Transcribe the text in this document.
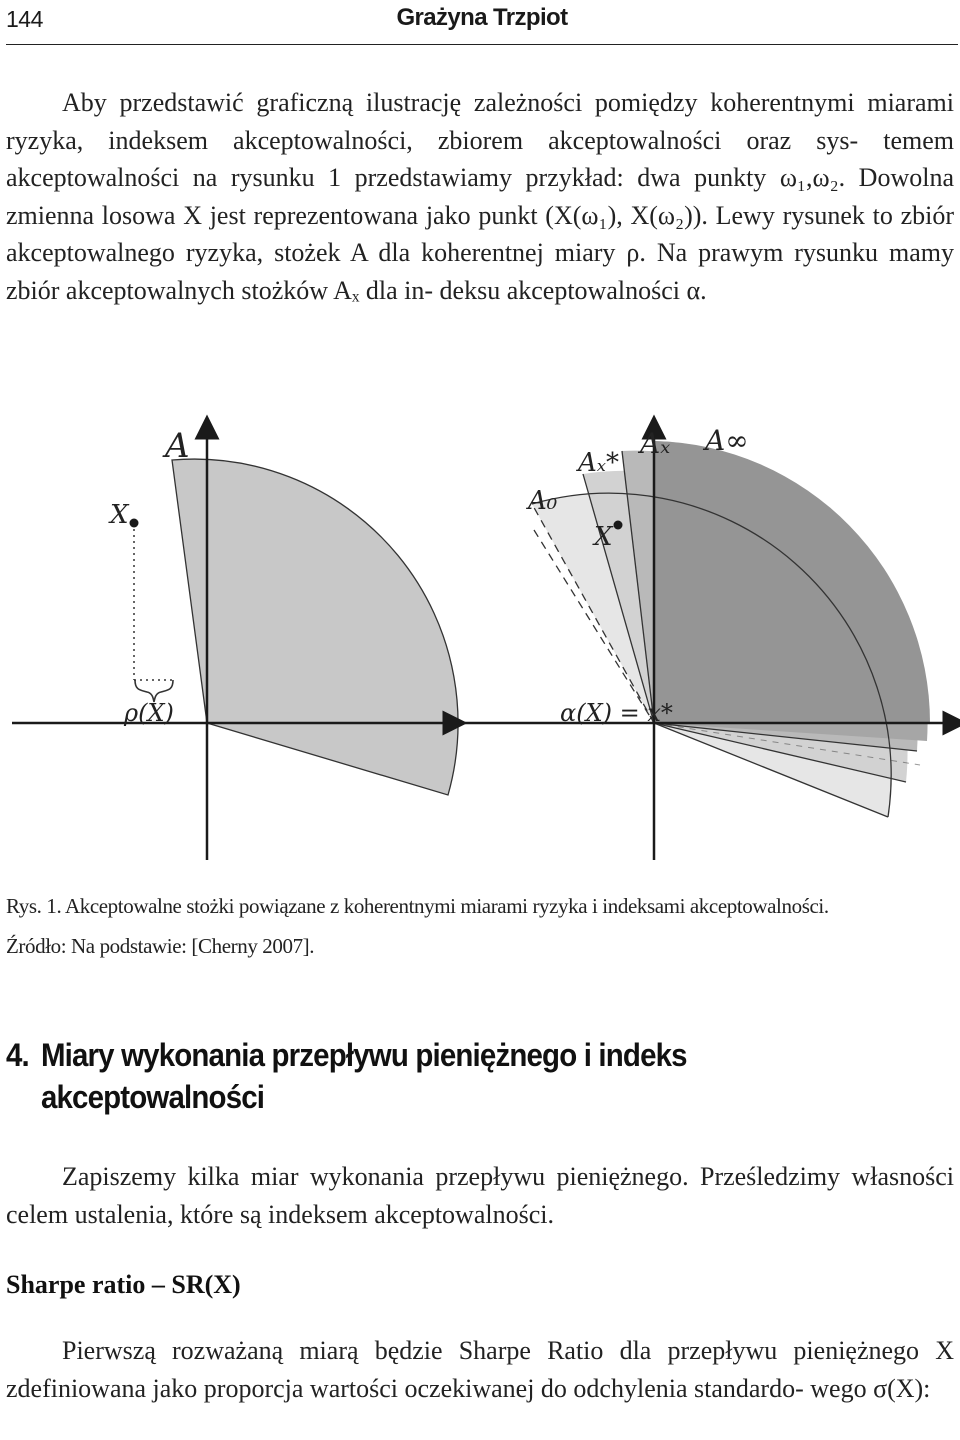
144	Grażyna Trzpiot
Aby przedstawić graficzną ilustrację zależności pomiędzy koherentnymi miarami ryzyka, indeksem akceptowalności, zbiorem akceptowalności oraz sys- temem akceptowalności na rysunku 1 przedstawiamy przykład: dwa punkty ω₁,ω₂. Dowolna zmienna losowa X jest reprezentowana jako punkt (X(ω₁), X(ω₂)). Lewy rysunek to zbiór akceptowalnego ryzyka, stożek A dla koherentnej miary ρ. Na prawym rysunku mamy zbiór akceptowalnych stożków Aₓ dla in- deksu akceptowalności α.
A
X
ρ(X)
A₀
Aₓ*
Aₓ A∞
X
α(X) = x*
Rys. 1. Akceptowalne stożki powiązane z koherentnymi miarami ryzyka i indeksami akceptowalności.
Źródło: Na podstawie: [Cherny 2007].
4. Miary wykonania przepływu pieniężnego i indeks
akceptowalności
Zapiszemy kilka miar wykonania przepływu pieniężnego. Prześledzimy własności celem ustalenia, które są indeksem akceptowalności.
Sharpe ratio – SR(X)
Pierwszą rozważaną miarą będzie Sharpe Ratio dla przepływu pieniężnego X zdefiniowana jako proporcja wartości oczekiwanej do odchylenia standardo- wego σ(X):
